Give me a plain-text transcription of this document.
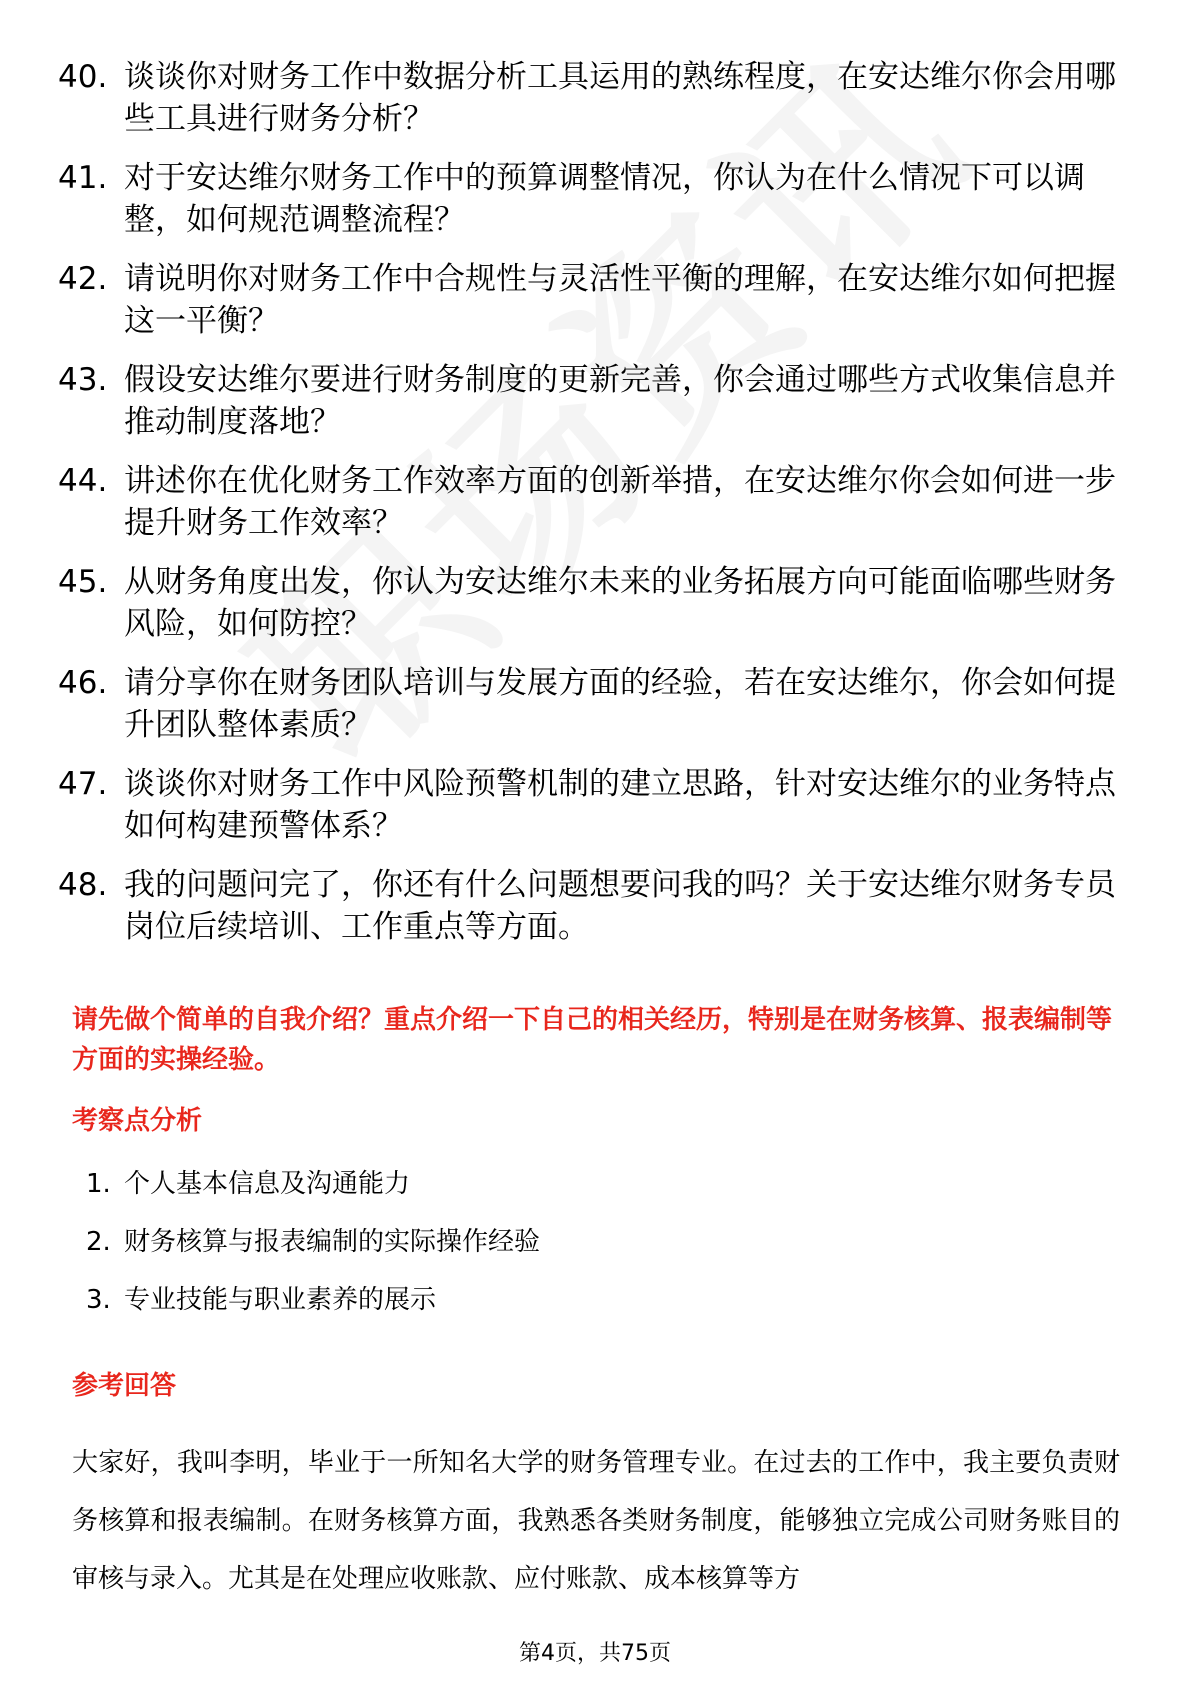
40. 谈谈你对财务工作中数据分析工具运用的熟练程度，在安达维尔你会用哪些工具进行财务分析？
41. 对于安达维尔财务工作中的预算调整情况，你认为在什么情况下可以调整，如何规范调整流程？
42. 请说明你对财务工作中合规性与灵活性平衡的理解，在安达维尔如何把握这一平衡？
43. 假设安达维尔要进行财务制度的更新完善，你会通过哪些方式收集信息并推动制度落地？
44. 讲述你在优化财务工作效率方面的创新举措，在安达维尔你会如何进一步提升财务工作效率？
45. 从财务角度出发，你认为安达维尔未来的业务拓展方向可能面临哪些财务风险，如何防控？
46. 请分享你在财务团队培训与发展方面的经验，若在安达维尔，你会如何提升团队整体素质？
47. 谈谈你对财务工作中风险预警机制的建立思路，针对安达维尔的业务特点如何构建预警体系？
48. 我的问题问完了，你还有什么问题想要问我的吗？关于安达维尔财务专员岗位后续培训、工作重点等方面。
请先做个简单的自我介绍？重点介绍一下自己的相关经历，特别是在财务核算、报表编制等方面的实操经验。
考察点分析
1. 个人基本信息及沟通能力
2. 财务核算与报表编制的实际操作经验
3. 专业技能与职业素养的展示
参考回答
大家好，我叫李明，毕业于一所知名大学的财务管理专业。在过去的工作中，我主要负责财务核算和报表编制。在财务核算方面，我熟悉各类财务制度，能够独立完成公司财务账目的审核与录入。尤其是在处理应收账款、应付账款、成本核算等方
第4页，共75页
